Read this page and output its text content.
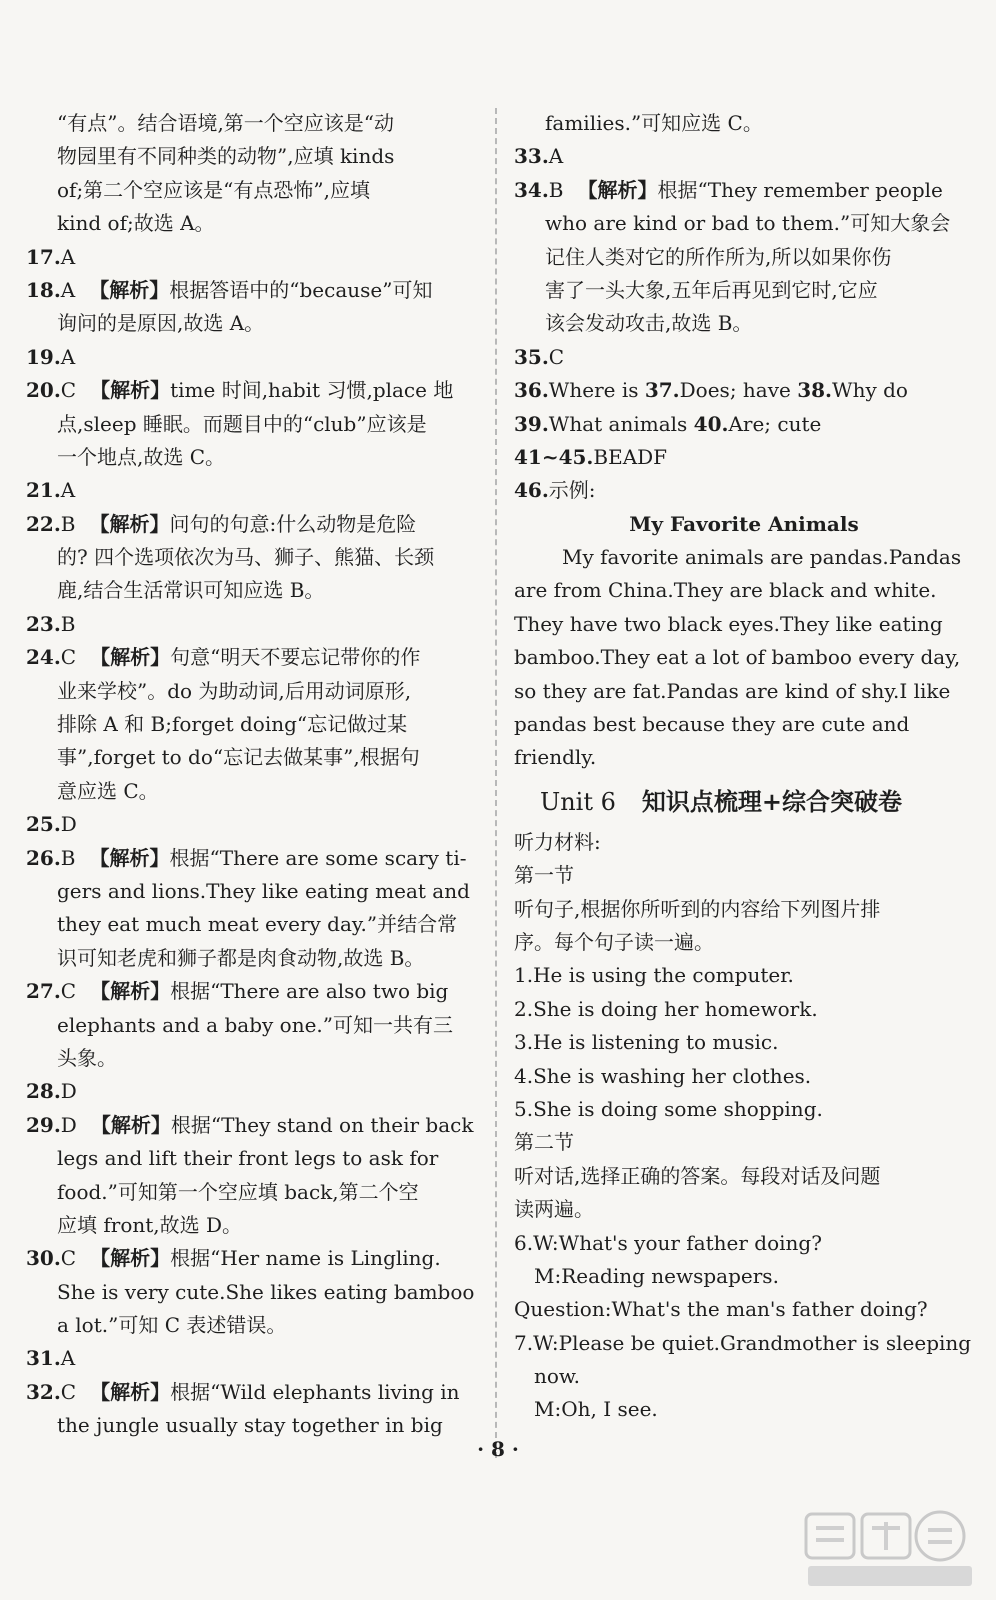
“有点”。结合语境,第一个空应该是“动
物园里有不同种类的动物”,应填 kinds
of;第二个空应该是“有点恐怖”,应填
kind of;故选 A。
17.A
18.A 【解析】根据答语中的“because”可知
询问的是原因,故选 A。
19.A
20.C 【解析】time 时间,habit 习惯,place 地
点,sleep 睡眠。而题目中的“club”应该是
一个地点,故选 C。
21.A
22.B 【解析】问句的句意:什么动物是危险
的? 四个选项依次为马、狮子、熊猫、长颈
鹿,结合生活常识可知应选 B。
23.B
24.C 【解析】句意“明天不要忘记带你的作
业来学校”。do 为助动词,后用动词原形,
排除 A 和 B;forget doing“忘记做过某
事”,forget to do“忘记去做某事”,根据句
意应选 C。
25.D
26.B 【解析】根据“There are some scary ti-
gers and lions.They like eating meat and
they eat much meat every day.”并结合常
识可知老虎和狮子都是肉食动物,故选 B。
27.C 【解析】根据“There are also two big
elephants and a baby one.”可知一共有三
头象。
28.D
29.D 【解析】根据“They stand on their back
legs and lift their front legs to ask for
food.”可知第一个空应填 back,第二个空
应填 front,故选 D。
30.C 【解析】根据“Her name is Lingling.
She is very cute.She likes eating bamboo
a lot.”可知 C 表述错误。
31.A
32.C 【解析】根据“Wild elephants living in
the jungle usually stay together in big
families.”可知应选 C。
33.A
34.B 【解析】根据“They remember people
who are kind or bad to them.”可知大象会
记住人类对它的所作所为,所以如果你伤
害了一头大象,五年后再见到它时,它应
该会发动攻击,故选 B。
35.C
36.Where is 37.Does; have 38.Why do
39.What animals 40.Are; cute
41~45.BEADF
46.示例:
My Favorite Animals
My favorite animals are pandas.Pandas
are from China.They are black and white.
They have two black eyes.They like eating
bamboo.They eat a lot of bamboo every day,
so they are fat.Pandas are kind of shy.I like
pandas best because they are cute and
friendly.
Unit 6 知识点梳理+综合突破卷
听力材料:
第一节
听句子,根据你所听到的内容给下列图片排
序。每个句子读一遍。
1.He is using the computer.
2.She is doing her homework.
3.He is listening to music.
4.She is washing her clothes.
5.She is doing some shopping.
第二节
听对话,选择正确的答案。每段对话及问题
读两遍。
6.W:What's your father doing?
M:Reading newspapers.
Question:What's the man's father doing?
7.W:Please be quiet.Grandmother is sleeping
now.
M:Oh, I see.
· 8 ·
